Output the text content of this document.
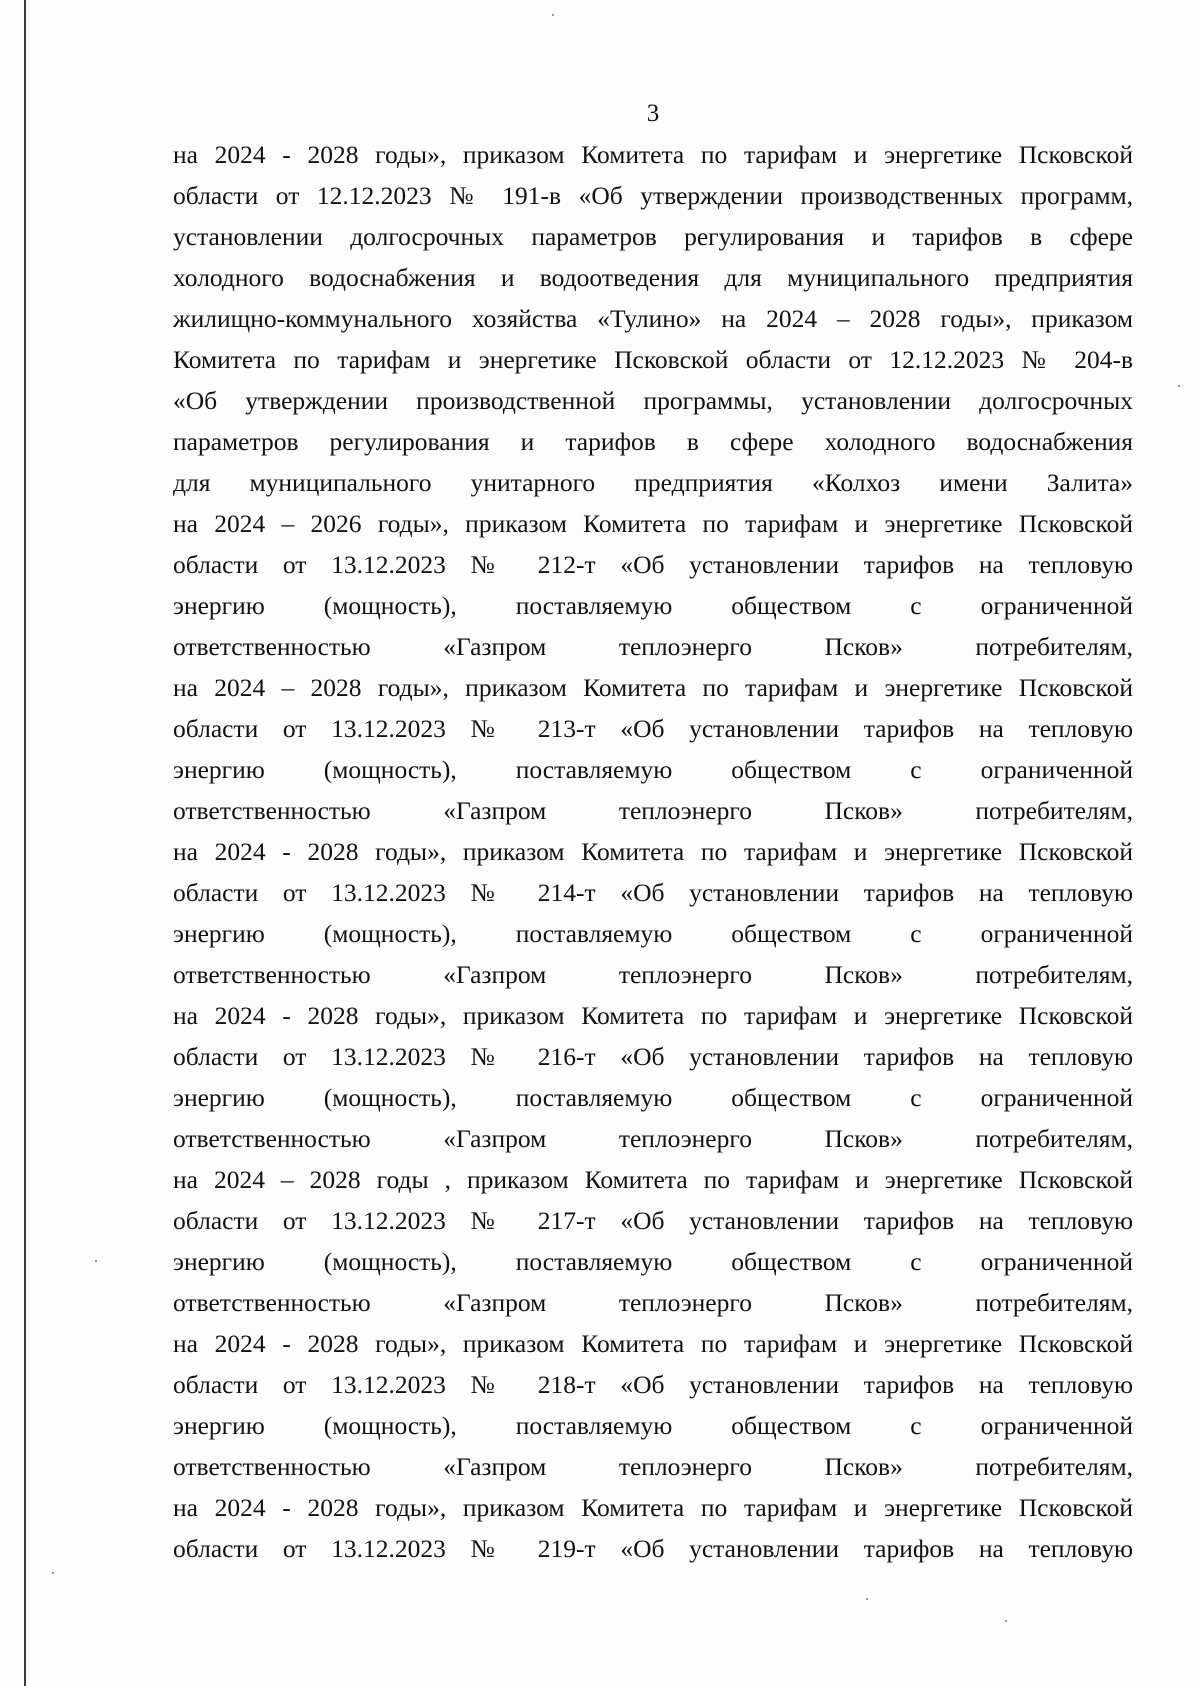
3
на 2024 - 2028 годы», приказом Комитета по тарифам и энергетике Псковской
области от 12.12.2023 № 191-в «Об утверждении производственных программ,
установлении долгосрочных параметров регулирования и тарифов в сфере
холодного водоснабжения и водоотведения для муниципального предприятия
жилищно-коммунального хозяйства «Тулино» на 2024 – 2028 годы», приказом
Комитета по тарифам и энергетике Псковской области от 12.12.2023 № 204-в
«Об утверждении производственной программы, установлении долгосрочных
параметров регулирования и тарифов в сфере холодного водоснабжения
для муниципального унитарного предприятия «Колхоз имени Залита»
на 2024 – 2026 годы», приказом Комитета по тарифам и энергетике Псковской
области от 13.12.2023 № 212-т «Об установлении тарифов на тепловую
энергию (мощность), поставляемую обществом с ограниченной
ответственностью «Газпром теплоэнерго Псков» потребителям,
на 2024 – 2028 годы», приказом Комитета по тарифам и энергетике Псковской
области от 13.12.2023 № 213-т «Об установлении тарифов на тепловую
энергию (мощность), поставляемую обществом с ограниченной
ответственностью «Газпром теплоэнерго Псков» потребителям,
на 2024 - 2028 годы», приказом Комитета по тарифам и энергетике Псковской
области от 13.12.2023 № 214-т «Об установлении тарифов на тепловую
энергию (мощность), поставляемую обществом с ограниченной
ответственностью «Газпром теплоэнерго Псков» потребителям,
на 2024 - 2028 годы», приказом Комитета по тарифам и энергетике Псковской
области от 13.12.2023 № 216-т «Об установлении тарифов на тепловую
энергию (мощность), поставляемую обществом с ограниченной
ответственностью «Газпром теплоэнерго Псков» потребителям,
на 2024 – 2028 годы , приказом Комитета по тарифам и энергетике Псковской
области от 13.12.2023 № 217-т «Об установлении тарифов на тепловую
энергию (мощность), поставляемую обществом с ограниченной
ответственностью «Газпром теплоэнерго Псков» потребителям,
на 2024 - 2028 годы», приказом Комитета по тарифам и энергетике Псковской
области от 13.12.2023 № 218-т «Об установлении тарифов на тепловую
энергию (мощность), поставляемую обществом с ограниченной
ответственностью «Газпром теплоэнерго Псков» потребителям,
на 2024 - 2028 годы», приказом Комитета по тарифам и энергетике Псковской
области от 13.12.2023 № 219-т «Об установлении тарифов на тепловую
